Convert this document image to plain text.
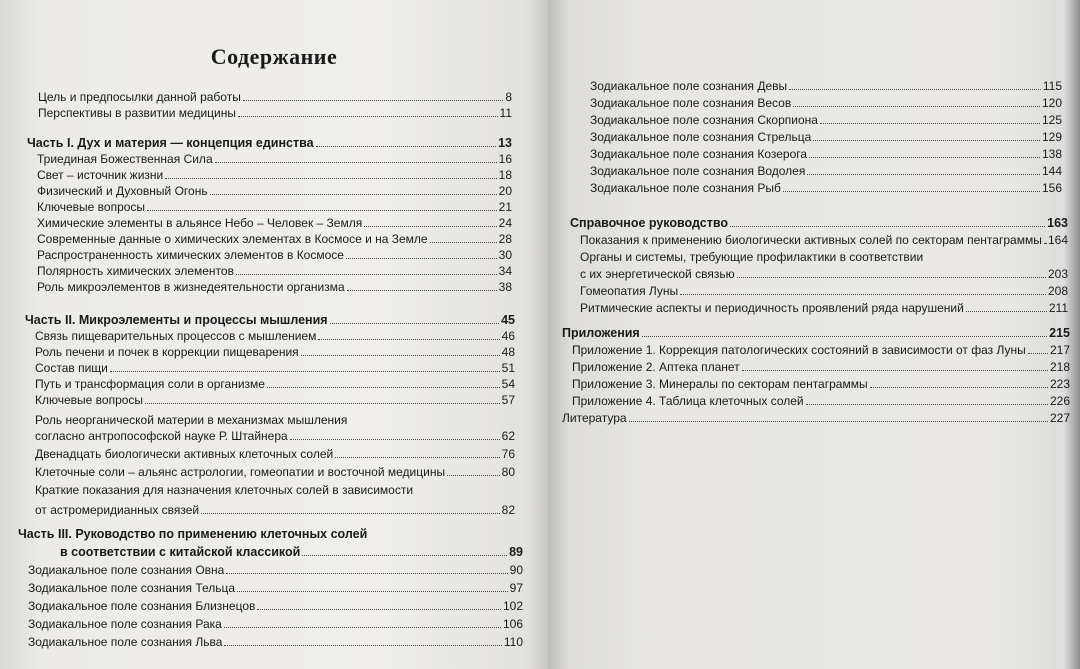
Содержание
Цель и предпосылки данной работы	8
Перспективы в развитии медицины	11
Часть I. Дух и материя — концепция единства	13
Триединая Божественная Сила	16
Свет – источник жизни	18
Физический и Духовный Огонь	20
Ключевые вопросы	21
Химические элементы в альянсе Небо – Человек – Земля	24
Современные данные о химических элементах в Космосе и на Земле	28
Распространенность химических элементов в Космосе	30
Полярность химических элементов	34
Роль микроэлементов в жизнедеятельности организма	38
Часть II. Микроэлементы и процессы мышления	45
Связь пищеварительных процессов с мышлением	46
Роль печени и почек в коррекции пищеварения	48
Состав пищи	51
Путь и трансформация соли в организме	54
Ключевые вопросы	57
Роль неорганической материи в механизмах мышления
согласно антропософской науке Р. Штайнера	62
Двенадцать биологически активных клеточных солей	76
Клеточные соли – альянс астрологии, гомеопатии и восточной медицины	80
Краткие показания для назначения клеточных солей в зависимости
от астромеридианных связей	82
Часть III. Руководство по применению клеточных солей
в соответствии с китайской классикой	89
Зодиакальное поле сознания Овна	90
Зодиакальное поле сознания Тельца	97
Зодиакальное поле сознания Близнецов	102
Зодиакальное поле сознания Рака	106
Зодиакальное поле сознания Льва	110
Зодиакальное поле сознания Девы	115
Зодиакальное поле сознания Весов	120
Зодиакальное поле сознания Скорпиона	125
Зодиакальное поле сознания Стрельца	129
Зодиакальное поле сознания Козерога	138
Зодиакальное поле сознания Водолея	144
Зодиакальное поле сознания Рыб	156
Справочное руководство	163
Показания к применению биологически активных солей по секторам пентаграммы 164
Органы и системы, требующие профилактики в соответствии
с их энергетической связью	203
Гомеопатия Луны	208
Ритмические аспекты и периодичность проявлений ряда нарушений	211
Приложения	215
Приложение 1. Коррекция патологических состояний в зависимости от фаз Луны 217
Приложение 2. Аптека планет	218
Приложение 3. Минералы по секторам пентаграммы	223
Приложение 4. Таблица клеточных солей	226
Литература	227
